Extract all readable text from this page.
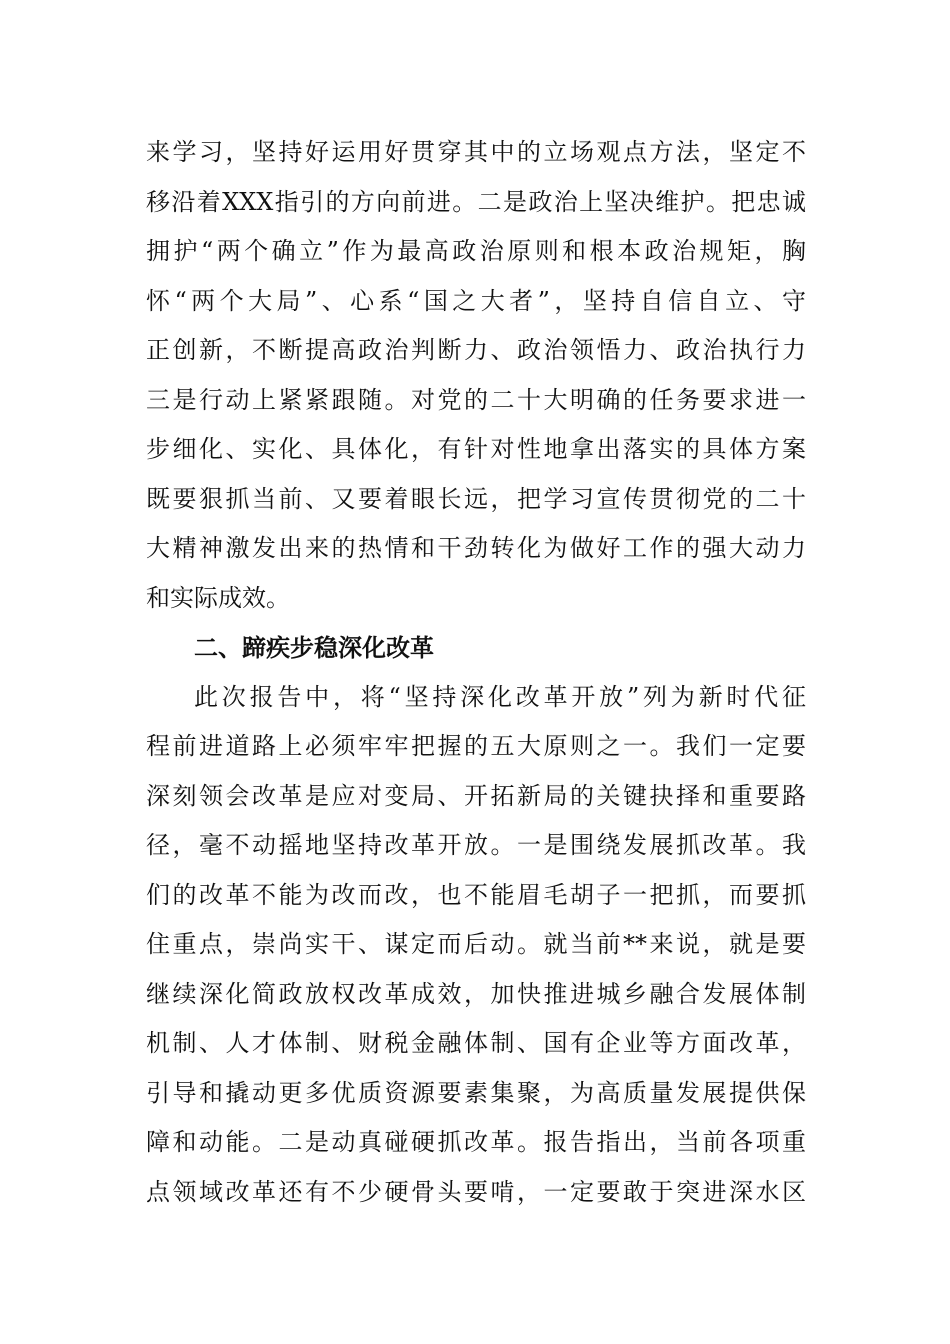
来学习，坚持好运用好贯穿其中的立场观点方法，坚定不
移沿着XXX指引的方向前进。二是政治上坚决维护。把忠诚
拥护“两个确立”作为最高政治原则和根本政治规矩，胸
怀“两个大局”、心系“国之大者”，坚持自信自立、守
正创新，不断提高政治判断力、政治领悟力、政治执行力
三是行动上紧紧跟随。对党的二十大明确的任务要求进一
步细化、实化、具体化，有针对性地拿出落实的具体方案
既要狠抓当前、又要着眼长远，把学习宣传贯彻党的二十
大精神激发出来的热情和干劲转化为做好工作的强大动力
和实际成效。
二、蹄疾步稳深化改革
此次报告中，将“坚持深化改革开放”列为新时代征
程前进道路上必须牢牢把握的五大原则之一。我们一定要
深刻领会改革是应对变局、开拓新局的关键抉择和重要路
径，毫不动摇地坚持改革开放。一是围绕发展抓改革。我
们的改革不能为改而改，也不能眉毛胡子一把抓，而要抓
住重点，崇尚实干、谋定而后动。就当前**来说，就是要
继续深化简政放权改革成效，加快推进城乡融合发展体制
机制、人才体制、财税金融体制、国有企业等方面改革，
引导和撬动更多优质资源要素集聚，为高质量发展提供保
障和动能。二是动真碰硬抓改革。报告指出，当前各项重
点领域改革还有不少硬骨头要啃，一定要敢于突进深水区
